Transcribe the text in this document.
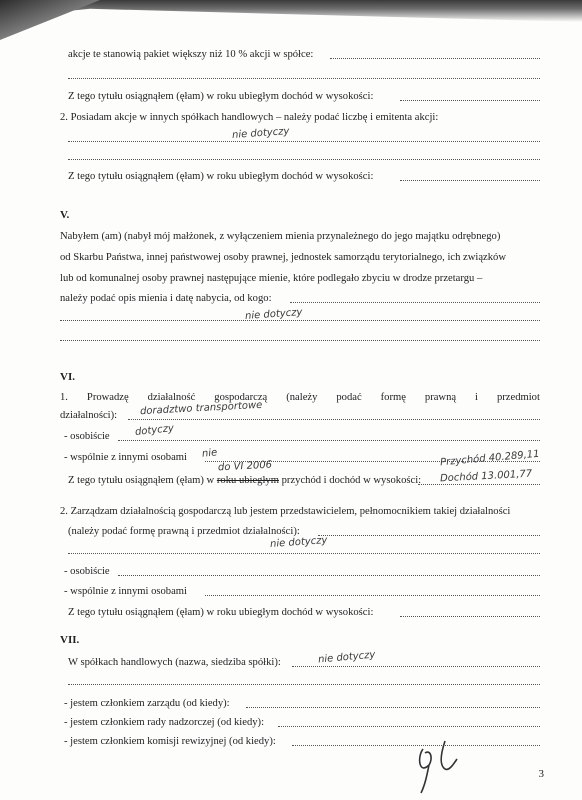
akcje te stanowią pakiet większy niż 10 % akcji w spółce:
Z tego tytułu osiągnąłem (ęłam) w roku ubiegłym dochód w wysokości:
2. Posiadam akcje w innych spółkach handlowych – należy podać liczbę i emitenta akcji:
nie dotyczy
Z tego tytułu osiągnąłem (ęłam) w roku ubiegłym dochód w wysokości:
V.
Nabyłem (am) (nabył mój małżonek, z wyłączeniem mienia przynależnego do jego majątku odrębnego)
od Skarbu Państwa, innej państwowej osoby prawnej, jednostek samorządu terytorialnego, ich związków
lub od komunalnej osoby prawnej następujące mienie, które podlegało zbyciu w drodze przetargu –
należy podać opis mienia i datę nabycia, od kogo:
nie dotyczy
VI.
1. Prowadzę działalność gospodarczą (należy podać formę prawną i przedmiot
działalności): doradztwo transportowe
- osobiście dotyczy
- wspólnie z innymi osobami nie
do VI 2006	Przychód 40.289,11
Z tego tytułu osiągnąłem (ęłam) w roku ubiegłym przychód i dochód w wysokości: Dochód 13.001,77
2. Zarządzam działalnością gospodarczą lub jestem przedstawicielem, pełnomocnikiem takiej działalności
(należy podać formę prawną i przedmiot działalności):
nie dotyczy
- osobiście
- wspólnie z innymi osobami
Z tego tytułu osiągnąłem (ęłam) w roku ubiegłym dochód w wysokości:
VII.
W spółkach handlowych (nazwa, siedziba spółki):	nie dotyczy
- jestem członkiem zarządu (od kiedy):
- jestem członkiem rady nadzorczej (od kiedy):
- jestem członkiem komisji rewizyjnej (od kiedy):
3
